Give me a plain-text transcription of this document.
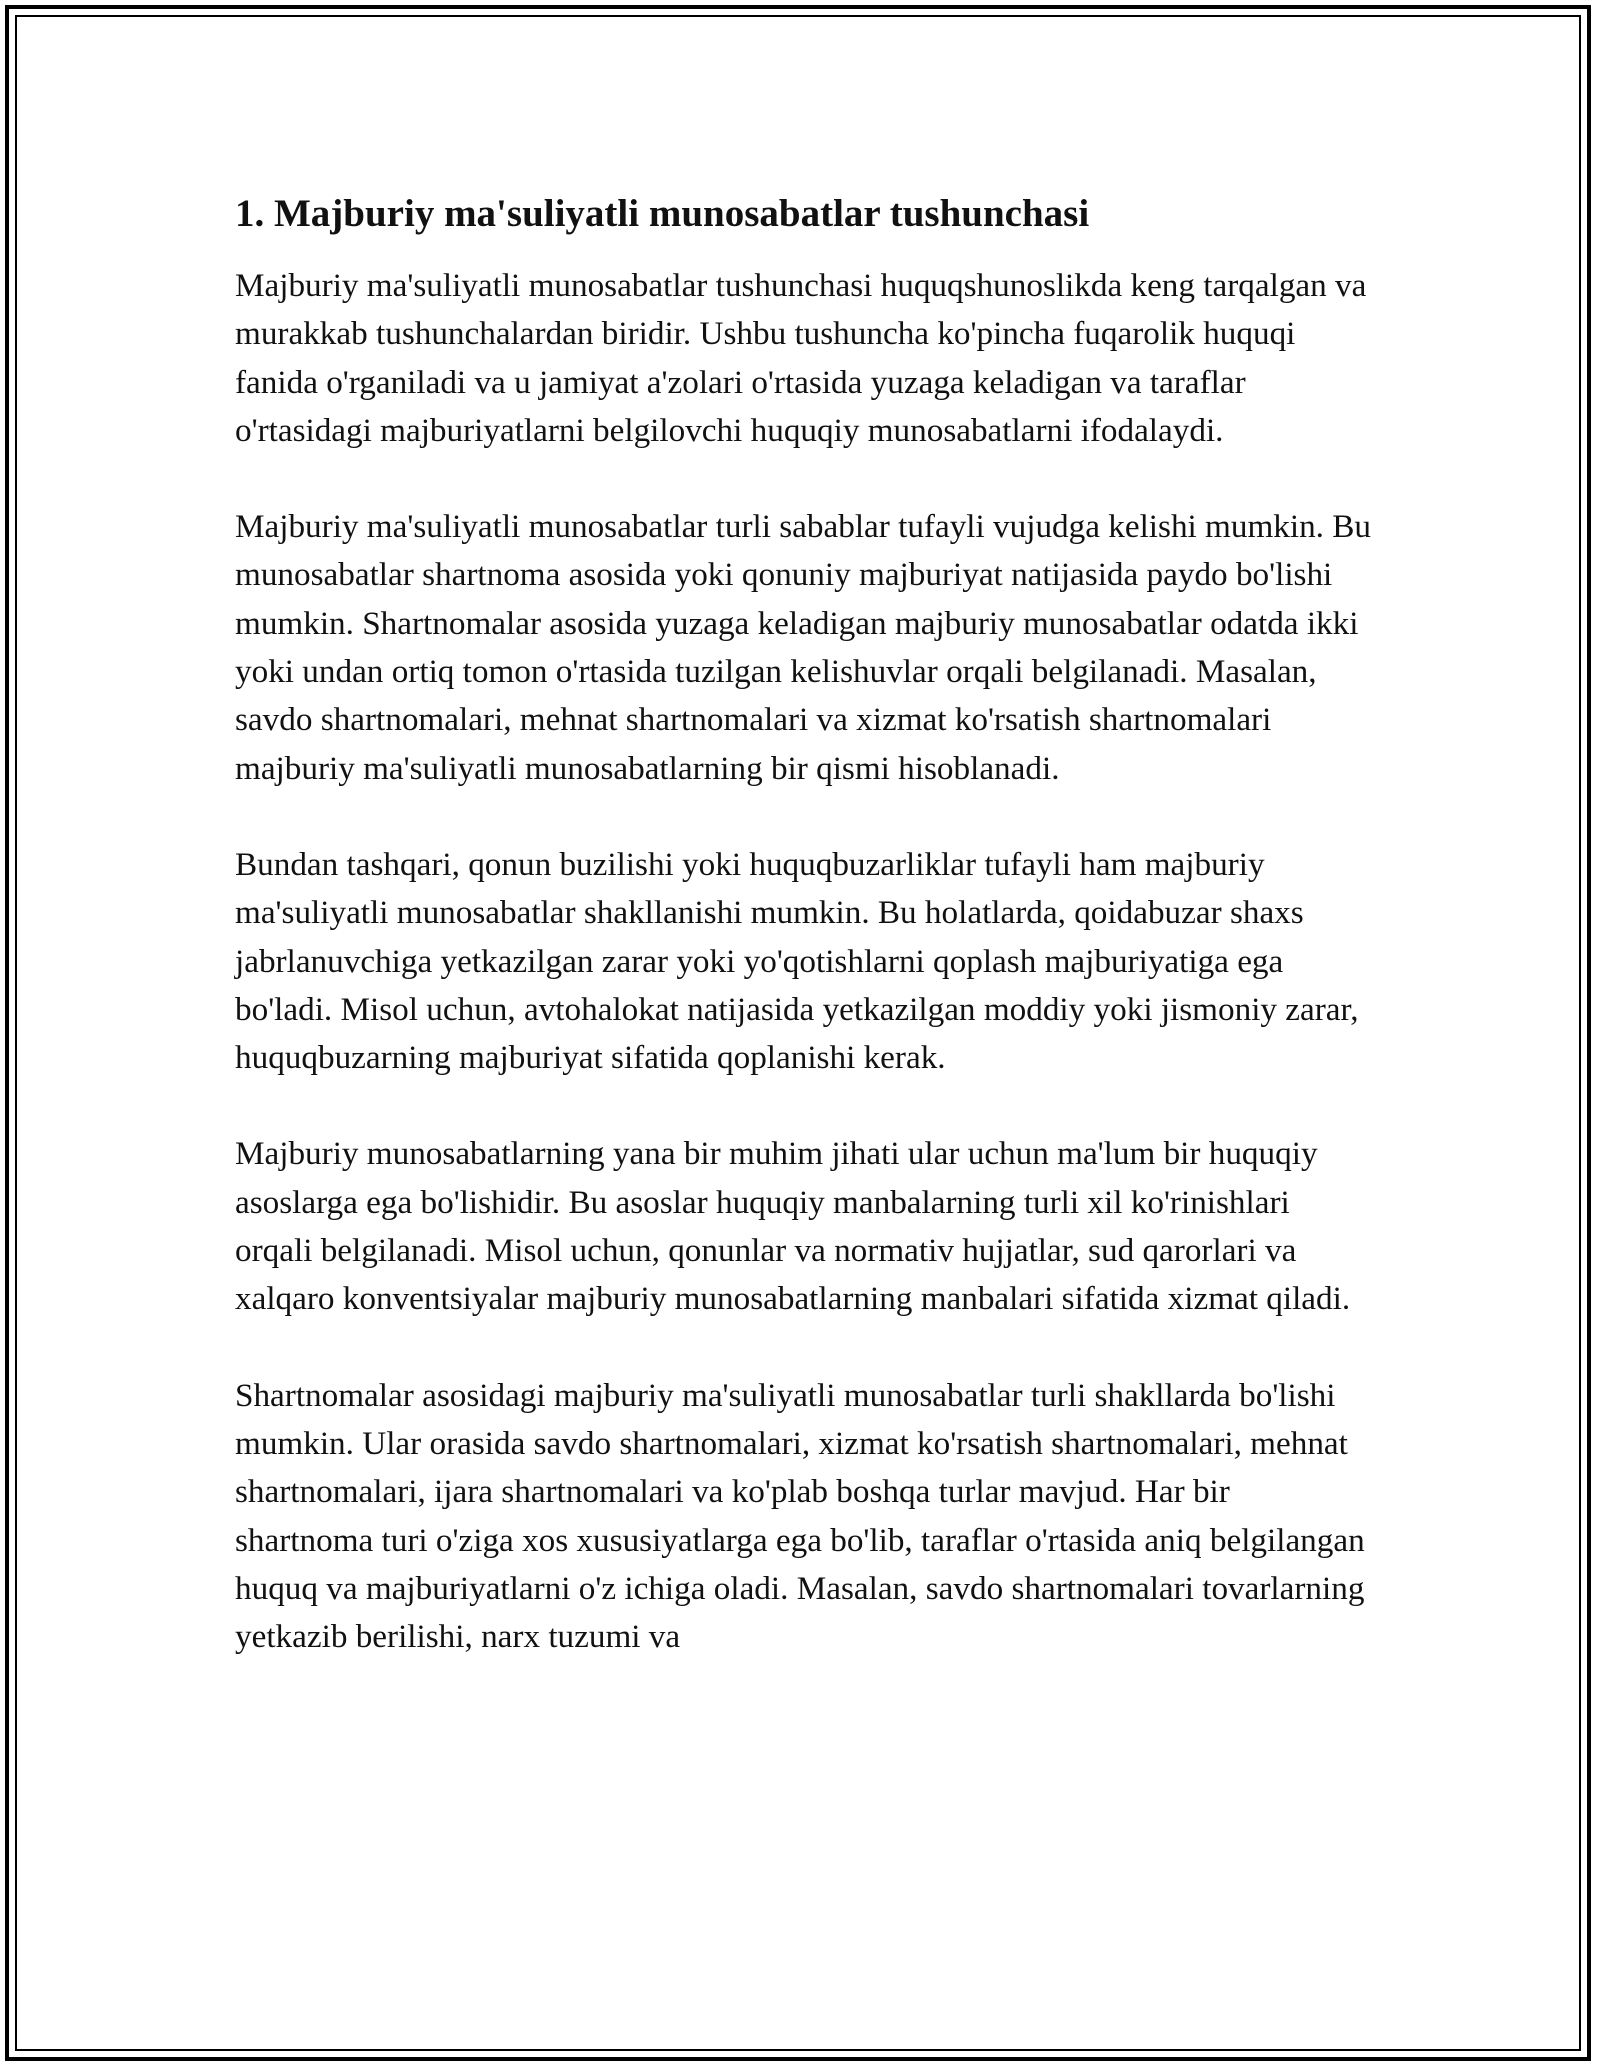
1. Majburiy ma'suliyatli munosabatlar tushunchasi

Majburiy ma'suliyatli munosabatlar tushunchasi huquqshunoslikda keng tarqalgan va murakkab tushunchalardan biridir. Ushbu tushuncha ko'pincha fuqarolik huquqi fanida o'rganiladi va u jamiyat a'zolari o'rtasida yuzaga keladigan va taraflar o'rtasidagi majburiyatlarni belgilovchi huquqiy munosabatlarni ifodalaydi.

Majburiy ma'suliyatli munosabatlar turli sabablar tufayli vujudga kelishi mumkin. Bu munosabatlar shartnoma asosida yoki qonuniy majburiyat natijasida paydo bo'lishi mumkin. Shartnomalar asosida yuzaga keladigan majburiy munosabatlar odatda ikki yoki undan ortiq tomon o'rtasida tuzilgan kelishuvlar orqali belgilanadi. Masalan, savdo shartnomalari, mehnat shartnomalari va xizmat ko'rsatish shartnomalari majburiy ma'suliyatli munosabatlarning bir qismi hisoblanadi.

Bundan tashqari, qonun buzilishi yoki huquqbuzarliklar tufayli ham majburiy ma'suliyatli munosabatlar shakllanishi mumkin. Bu holatlarda, qoidabuzar shaxs jabrlanuvchiga yetkazilgan zarar yoki yo'qotishlarni qoplash majburiyatiga ega bo'ladi. Misol uchun, avtohalokat natijasida yetkazilgan moddiy yoki jismoniy zarar, huquqbuzarning majburiyat sifatida qoplanishi kerak.

Majburiy munosabatlarning yana bir muhim jihati ular uchun ma'lum bir huquqiy asoslarga ega bo'lishidir. Bu asoslar huquqiy manbalarning turli xil ko'rinishlari orqali belgilanadi. Misol uchun, qonunlar va normativ hujjatlar, sud qarorlari va xalqaro konventsiyalar majburiy munosabatlarning manbalari sifatida xizmat qiladi.

Shartnomalar asosidagi majburiy ma'suliyatli munosabatlar turli shakllarda bo'lishi mumkin. Ular orasida savdo shartnomalari, xizmat ko'rsatish shartnomalari, mehnat shartnomalari, ijara shartnomalari va ko'plab boshqa turlar mavjud. Har bir shartnoma turi o'ziga xos xususiyatlarga ega bo'lib, taraflar o'rtasida aniq belgilangan huquq va majburiyatlarni o'z ichiga oladi. Masalan, savdo shartnomalari tovarlarning yetkazib berilishi, narx tuzumi va
